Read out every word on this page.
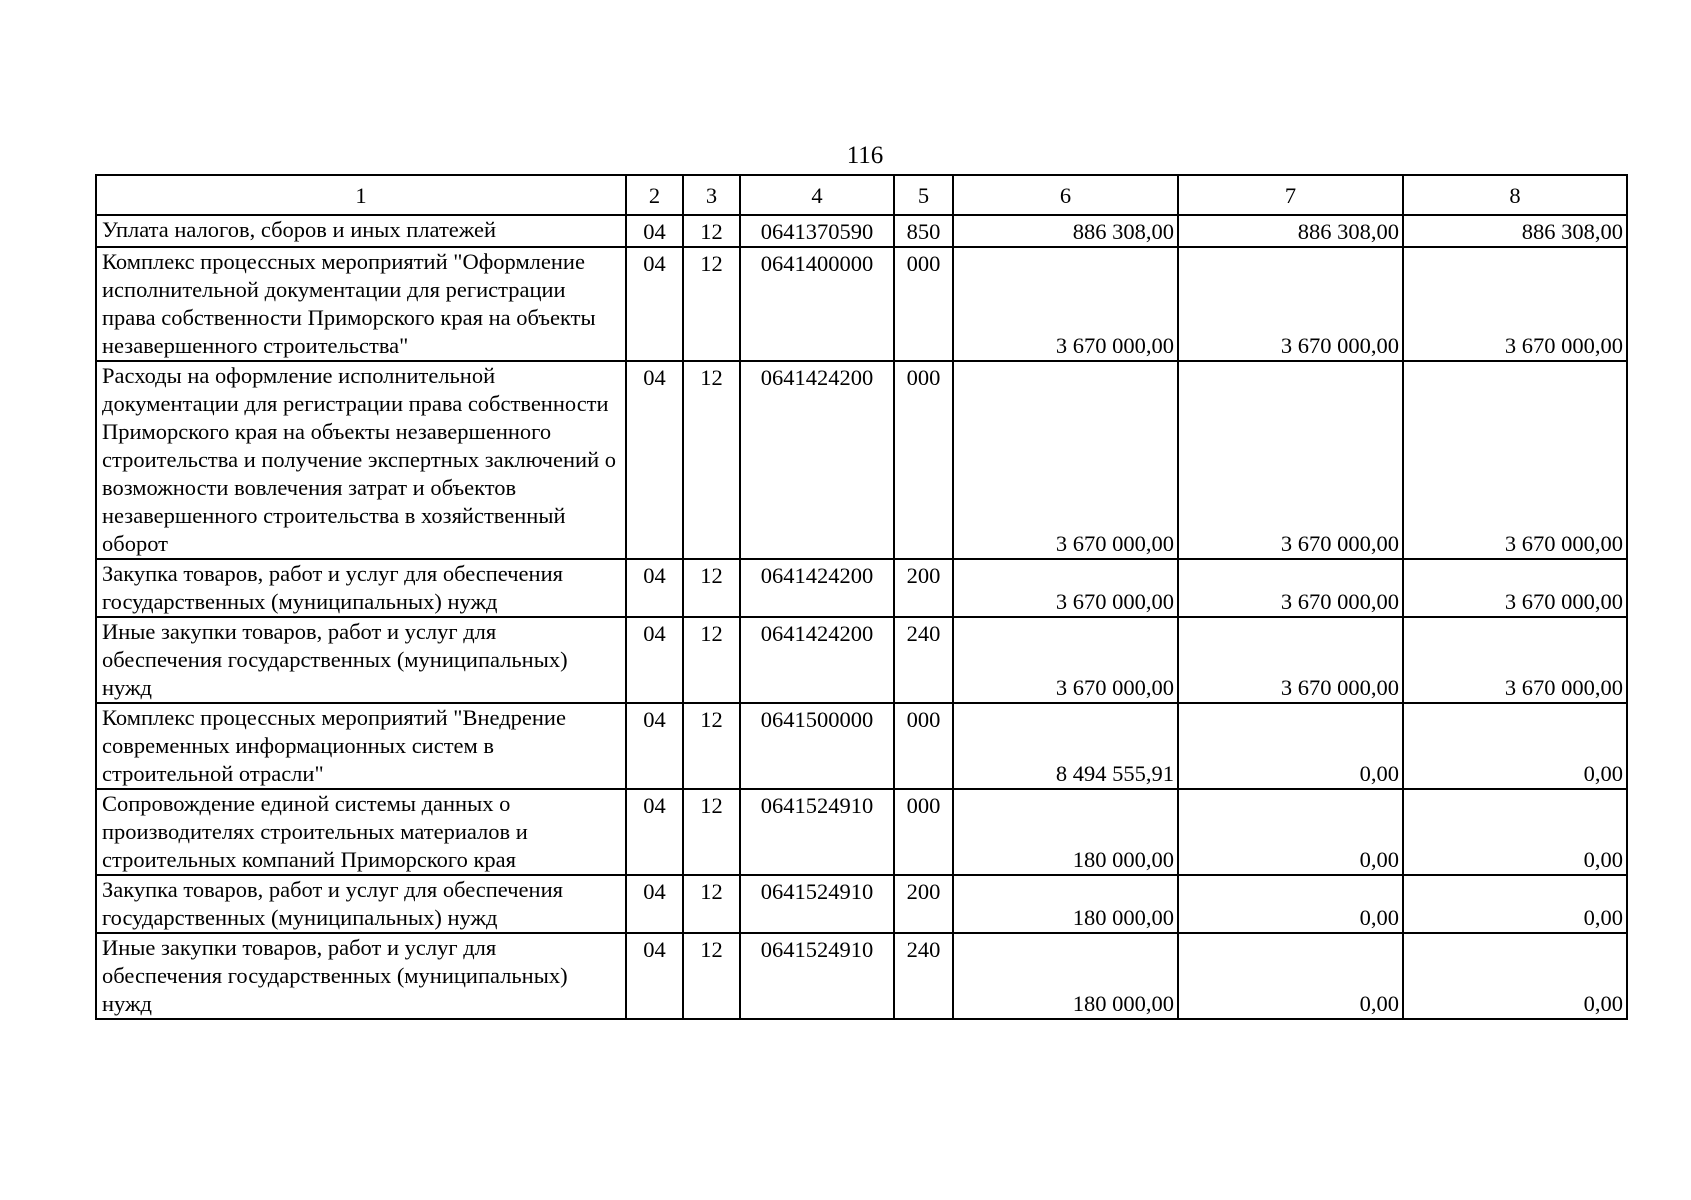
116
1	2	3	4	5	6	7	8
Уплата налогов, сборов и иных платежей	04	12	0641370590	850	886 308,00	886 308,00	886 308,00
Комплекс процессных мероприятий "Оформление исполнительной документации для регистрации права собственности Приморского края на объекты незавершенного строительства"	04	12	0641400000	000	3 670 000,00	3 670 000,00	3 670 000,00
Расходы на оформление исполнительной документации для регистрации права собственности Приморского края на объекты незавершенного строительства и получение экспертных заключений о возможности вовлечения затрат и объектов незавершенного строительства в хозяйственный оборот	04	12	0641424200	000	3 670 000,00	3 670 000,00	3 670 000,00
Закупка товаров, работ и услуг для обеспечения государственных (муниципальных) нужд	04	12	0641424200	200	3 670 000,00	3 670 000,00	3 670 000,00
Иные закупки товаров, работ и услуг для обеспечения государственных (муниципальных) нужд	04	12	0641424200	240	3 670 000,00	3 670 000,00	3 670 000,00
Комплекс процессных мероприятий "Внедрение современных информационных систем в строительной отрасли"	04	12	0641500000	000	8 494 555,91	0,00	0,00
Сопровождение единой системы данных о производителях строительных материалов и строительных компаний Приморского края	04	12	0641524910	000	180 000,00	0,00	0,00
Закупка товаров, работ и услуг для обеспечения государственных (муниципальных) нужд	04	12	0641524910	200	180 000,00	0,00	0,00
Иные закупки товаров, работ и услуг для обеспечения государственных (муниципальных) нужд	04	12	0641524910	240	180 000,00	0,00	0,00
